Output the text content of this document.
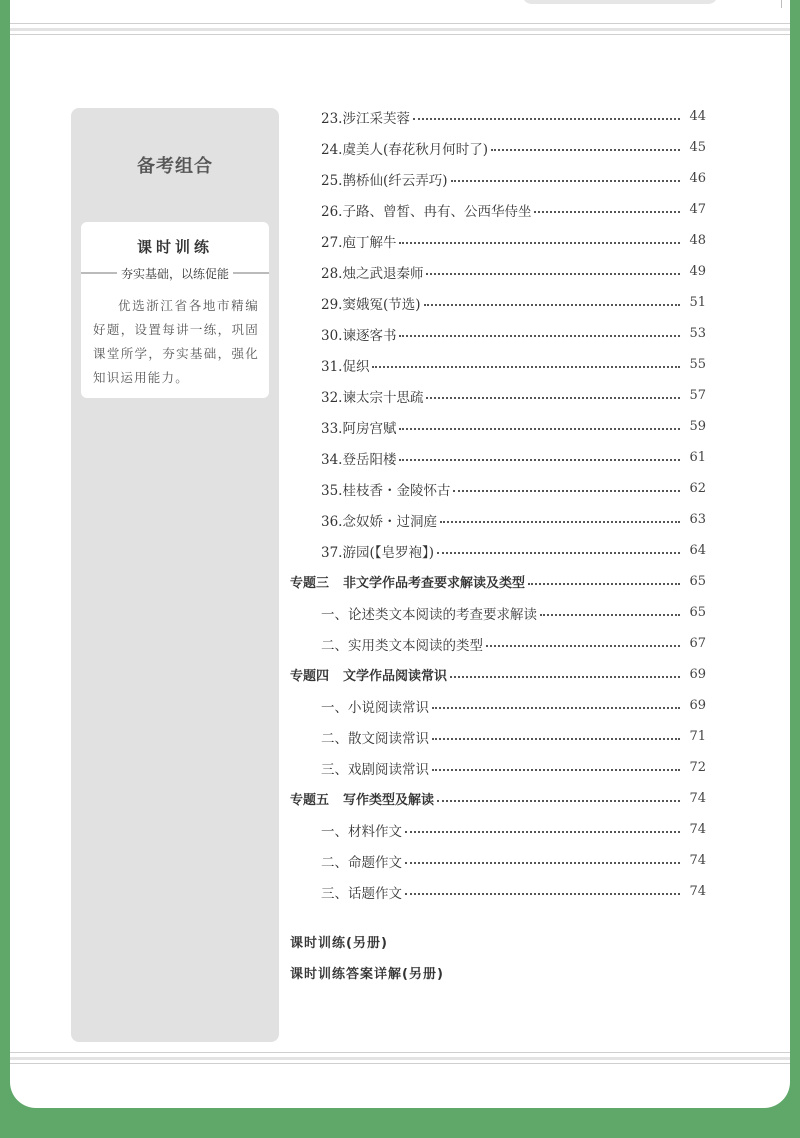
备考组合
课时训练
夯实基础，以练促能
优选浙江省各地市精编好题，设置每讲一练，巩固课堂所学，夯实基础，强化知识运用能力。
23.涉江采芙蓉	44
24.虞美人(春花秋月何时了)	45
25.鹊桥仙(纤云弄巧)	46
26.子路、曾皙、冉有、公西华侍坐	47
27.庖丁解牛	48
28.烛之武退秦师	49
29.窦娥冤(节选)	51
30.谏逐客书	53
31.促织	55
32.谏太宗十思疏	57
33.阿房宫赋	59
34.登岳阳楼	61
35.桂枝香・金陵怀古	62
36.念奴娇・过洞庭	63
37.游园(【皂罗袍】)	64
专题三 非文学作品考查要求解读及类型	65
一、论述类文本阅读的考查要求解读	65
二、实用类文本阅读的类型	67
专题四 文学作品阅读常识	69
一、小说阅读常识	69
二、散文阅读常识	71
三、戏剧阅读常识	72
专题五 写作类型及解读	74
一、材料作文	74
二、命题作文	74
三、话题作文	74
课时训练(另册)
课时训练答案详解(另册)
